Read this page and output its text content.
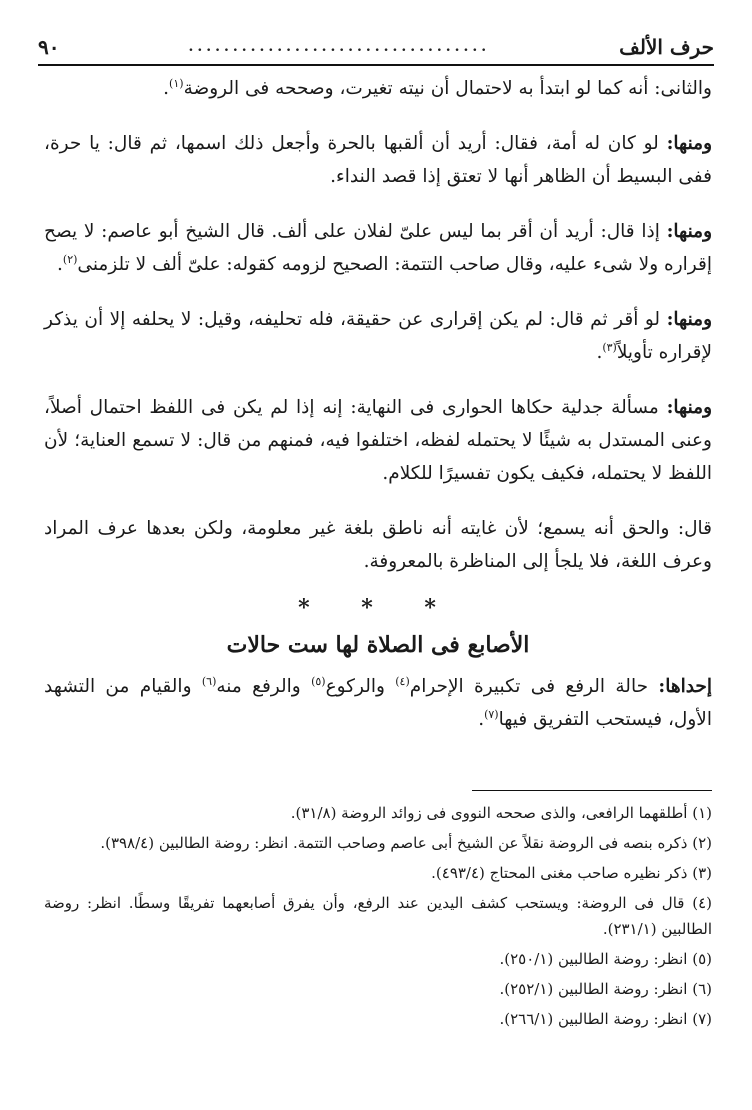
٩٠	..................................	حرف الألف

والثانى: أنه كما لو ابتدأ به لاحتمال أن نيته تغيرت، وصححه فى الروضة$^{(١)}$.

ومنها: لو كان له أمة، فقال: أريد أن ألقبها بالحرة وأجعل ذلك اسمها، ثم قال: يا حرة، ففى البسيط أن الظاهر أنها لا تعتق إذا قصد النداء.

ومنها: إذا قال: أريد أن أقر بما ليس علىّ لفلان على ألف. قال الشيخ أبو عاصم: لا يصح إقراره ولا شىء عليه، وقال صاحب التتمة: الصحيح لزومه كقوله: علىّ ألف لا تلزمنى$^{(٢)}$.

ومنها: لو أقر ثم قال: لم يكن إقرارى عن حقيقة، فله تحليفه، وقيل: لا يحلفه إلا أن يذكر لإقراره تأويلاً$^{(٣)}$.

ومنها: مسألة جدلية حكاها الحوارى فى النهاية: إنه إذا لم يكن فى اللفظ احتمال أصلاً، وعنى المستدل به شيئًا لا يحتمله لفظه، اختلفوا فيه، فمنهم من قال: لا تسمع العناية؛ لأن اللفظ لا يحتمله، فكيف يكون تفسيرًا للكلام.

قال: والحق أنه يسمع؛ لأن غايته أنه ناطق بلغة غير معلومة، ولكن بعدها عرف المراد وعرف اللغة، فلا يلجأ إلى المناظرة بالمعروفة.

* * *
الأصابع فى الصلاة لها ست حالات

إحداها: حالة الرفع فى تكبيرة الإحرام$^{(٤)}$ والركوع$^{(٥)}$ والرفع منه$^{(٦)}$ والقيام من التشهد الأول، فيستحب التفريق فيها$^{(٧)}$.

(١) أطلقهما الرافعى، والذى صححه النووى فى زوائد الروضة (٣١/٨).

(٢) ذكره بنصه فى الروضة نقلاً عن الشيخ أبى عاصم وصاحب التتمة. انظر: روضة الطالبين (٣٩٨/٤).

(٣) ذكر نظيره صاحب مغنى المحتاج (٤٩٣/٤).

(٤) قال فى الروضة: ويستحب كشف اليدين عند الرفع، وأن يفرق أصابعهما تفريقًا وسطًا. انظر: روضة الطالبين (٢٣١/١).

(٥) انظر: روضة الطالبين (٢٥٠/١).

(٦) انظر: روضة الطالبين (٢٥٢/١).

(٧) انظر: روضة الطالبين (٢٦٦/١).
